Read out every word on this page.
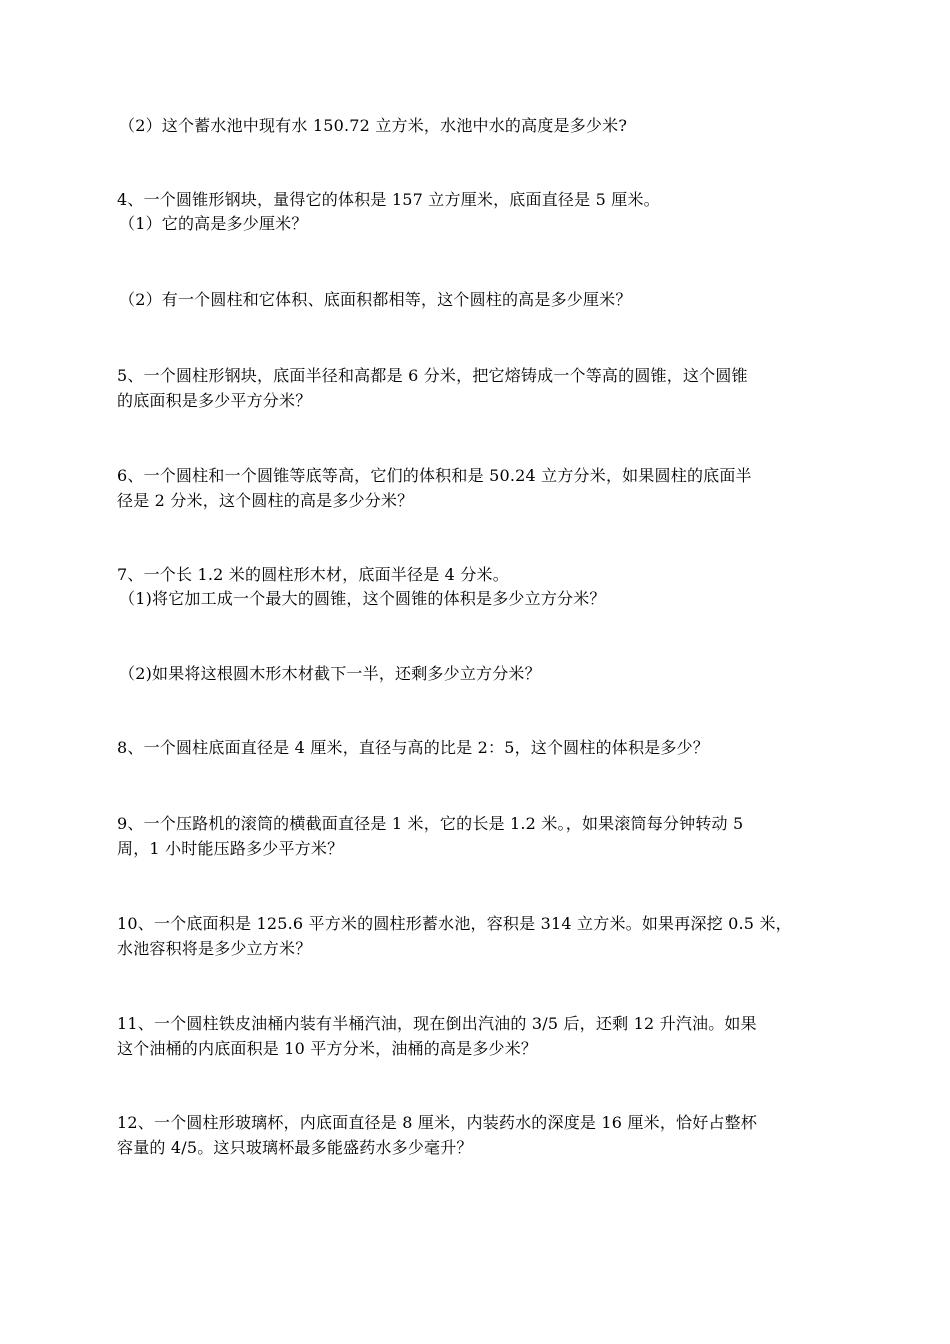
（2）这个蓄水池中现有水 150.72 立方米，水池中水的高度是多少米?
4、一个圆锥形钢块，量得它的体积是 157 立方厘米，底面直径是 5 厘米。
（1）它的高是多少厘米？
（2）有一个圆柱和它体积、底面积都相等，这个圆柱的高是多少厘米？
5、一个圆柱形钢块，底面半径和高都是 6 分米，把它熔铸成一个等高的圆锥，这个圆锥
的底面积是多少平方分米？
6、一个圆柱和一个圆锥等底等高，它们的体积和是 50.24 立方分米，如果圆柱的底面半
径是 2 分米，这个圆柱的高是多少分米？
7、一个长 1.2 米的圆柱形木材，底面半径是 4 分米。
（1)将它加工成一个最大的圆锥，这个圆锥的体积是多少立方分米？
（2)如果将这根圆木形木材截下一半，还剩多少立方分米？
8、一个圆柱底面直径是 4 厘米，直径与高的比是 2：5，这个圆柱的体积是多少？
9、一个压路机的滚筒的横截面直径是 1 米，它的长是 1.2 米。，如果滚筒每分钟转动 5
周，1 小时能压路多少平方米？
10、一个底面积是 125.6 平方米的圆柱形蓄水池，容积是 314 立方米。如果再深挖 0.5 米，
水池容积将是多少立方米？
11、一个圆柱铁皮油桶内装有半桶汽油，现在倒出汽油的 3/5 后，还剩 12 升汽油。如果
这个油桶的内底面积是 10 平方分米，油桶的高是多少米？
12、一个圆柱形玻璃杯，内底面直径是 8 厘米，内装药水的深度是 16 厘米，恰好占整杯
容量的 4/5。这只玻璃杯最多能盛药水多少毫升？
